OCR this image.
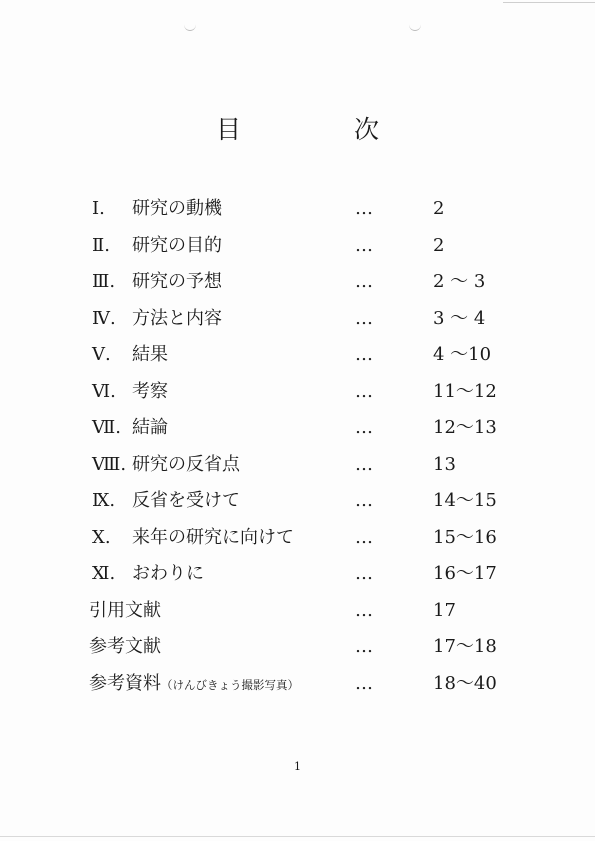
目　次
Ⅰ.	研究の動機	…	2
Ⅱ.	研究の目的	…	2
Ⅲ. 研究の予想	…	2 ～ 3
Ⅳ. 方法と内容	…	3 ～ 4
Ⅴ.	結果	…	4 ～10
Ⅵ. 考察	…	11～12
Ⅶ. 結論	…	12～13
Ⅷ. 研究の反省点	…	13
Ⅸ. 反省を受けて	…	14～15
Ⅹ.	来年の研究に向けて	…	15～16
Ⅺ. おわりに	…	16～17
引用文献	…	17
参考文献	…	17～18
参考資料（けんびきょう撮影写真）	…	18～40
1
